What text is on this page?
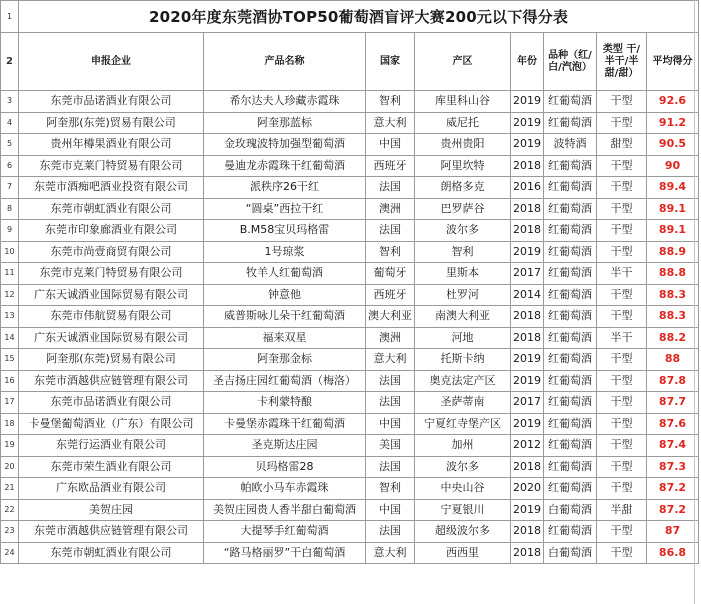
1	2020年度东莞酒协TOP50葡萄酒盲评大赛200元以下得分表							
2	申报企业	产品名称	国家	产区	年份	品种（红/白/汽泡）	类型 干/半干/半甜/甜）	平均得分
3	东莞市品诺酒业有限公司	希尔达夫人珍藏赤霞珠	智利	库里科山谷	2019	红葡萄酒	干型	92.6
4	阿奎那(东莞)贸易有限公司	阿奎那蓝标	意大利	威尼托	2019	红葡萄酒	干型	91.2
5	贵州年樽果酒业有限公司	金玫瑰波特加强型葡萄酒	中国	贵州贵阳	2019	波特酒	甜型	90.5
6	东莞市克莱门特贸易有限公司	曼迪龙赤霞珠干红葡萄酒	西班牙	阿里坎特	2018	红葡萄酒	干型	90
7	东莞市酒痴吧酒业投资有限公司	派秩序26干红	法国	朗格多克	2016	红葡萄酒	干型	89.4
8	东莞市朝虹酒业有限公司	“圆桌”西拉干红	澳洲	巴罗萨谷	2018	红葡萄酒	干型	89.1
9	东莞市印象廊酒业有限公司	B.M58宝贝玛格雷	法国	波尔多	2018	红葡萄酒	干型	89.1
10	东莞市尚壹商贸有限公司	1号琼浆	智利	智利	2019	红葡萄酒	干型	88.9
11	东莞市克莱门特贸易有限公司	牧羊人红葡萄酒	葡萄牙	里斯本	2017	红葡萄酒	半干	88.8
12	广东天诚酒业国际贸易有限公司	钟意他	西班牙	杜罗河	2014	红葡萄酒	干型	88.3
13	东莞市伟航贸易有限公司	威普斯咏儿朵干红葡萄酒	澳大利亚	南澳大利亚	2018	红葡萄酒	干型	88.3
14	广东天诚酒业国际贸易有限公司	福来双星	澳洲	河地	2018	红葡萄酒	半干	88.2
15	阿奎那(东莞)贸易有限公司	阿奎那金标	意大利	托斯卡纳	2019	红葡萄酒	干型	88
16	东莞市酒越供应链管理有限公司	圣吉扬庄园红葡萄酒（梅洛）	法国	奥克法定产区	2019	红葡萄酒	干型	87.8
17	东莞市品诺酒业有限公司	卡利蒙特酿	法国	圣萨蒂南	2017	红葡萄酒	干型	87.7
18	卡曼堡葡萄酒业（广东）有限公司	卡曼堡赤霞珠干红葡萄酒	中国	宁夏红寺堡产区	2019	红葡萄酒	干型	87.6
19	东莞行运酒业有限公司	圣克斯达庄园	美国	加州	2012	红葡萄酒	干型	87.4
20	东莞市荣生酒业有限公司	贝玛格雷28	法国	波尔多	2018	红葡萄酒	干型	87.3
21	广东欧品酒业有限公司	帕欧小马车赤霞珠	智利	中央山谷	2020	红葡萄酒	干型	87.2
22	美贺庄园	美贺庄园贵人香半甜白葡萄酒	中国	宁夏银川	2019	白葡萄酒	半甜	87.2
23	东莞市酒越供应链管理有限公司	大提琴手红葡萄酒	法国	超级波尔多	2018	红葡萄酒	干型	87
24	东莞市朝虹酒业有限公司	“路马格丽罗”干白葡萄酒	意大利	西西里	2018	白葡萄酒	干型	86.8
